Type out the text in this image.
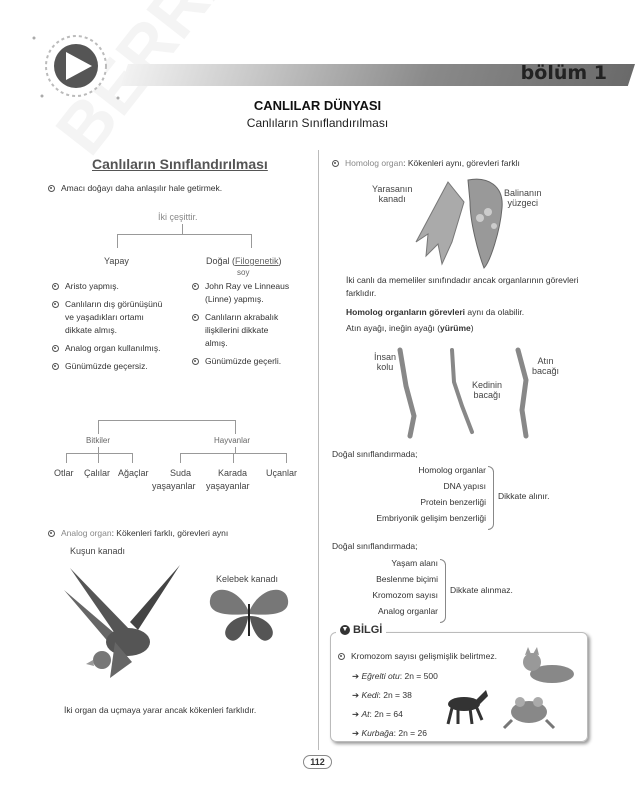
bölüm 1
CANLILAR DÜNYASI
Canlıların Sınıflandırılması
Canlıların Sınıflandırılması
Amacı doğayı daha anlaşılır hale getirmek.
İki çeşittir.
Yapay	Doğal (Filogenetik)
soy
Aristo yapmış.
Canlıların dış görünüşünü
ve yaşadıkları ortamı
dikkate almış.
Analog organ kullanılmış.
Günümüzde geçersiz.
John Ray ve Linneaus
(Linne) yapmış.
Canlıların akrabalık
ilişkilerini dikkate
almış.
Günümüzde geçerli.
Bitkiler	Hayvanlar
Otlar Çalılar Ağaçlar Suda
yaşayanlar
Karada
yaşayanlar
Uçanlar
Analog organ: Kökenleri farklı, görevleri aynı
Kuşun kanadı
Kelebek kanadı
İki organ da uçmaya yarar ancak kökenleri farklıdır.
Homolog organ: Kökenleri aynı, görevleri farklı
Yarasanın
kanadı
Balinanın
yüzgeci
İki canlı da memeliler sınıfındadır ancak organlarının görevleri farklıdır.
Homolog organların görevleri aynı da olabilir.
Atın ayağı, ineğin ayağı (yürüme)
İnsan
kolu
Kedinin
bacağı
Atın
bacağı
Doğal sınıflandırmada;
Homolog organlar
DNA yapısı
Protein benzerliği
Embriyonik gelişim benzerliği
Dikkate alınır.
Doğal sınıflandırmada;
Yaşam alanı
Beslenme biçimi
Kromozom sayısı
Analog organlar
Dikkate alınmaz.
▼ BİLGİ
Kromozom sayısı gelişmişlik belirtmez.
➔ Eğrelti otu: 2n = 500
➔ Kedi: 2n = 38
➔ At: 2n = 64
➔ Kurbağa: 2n = 26
112
